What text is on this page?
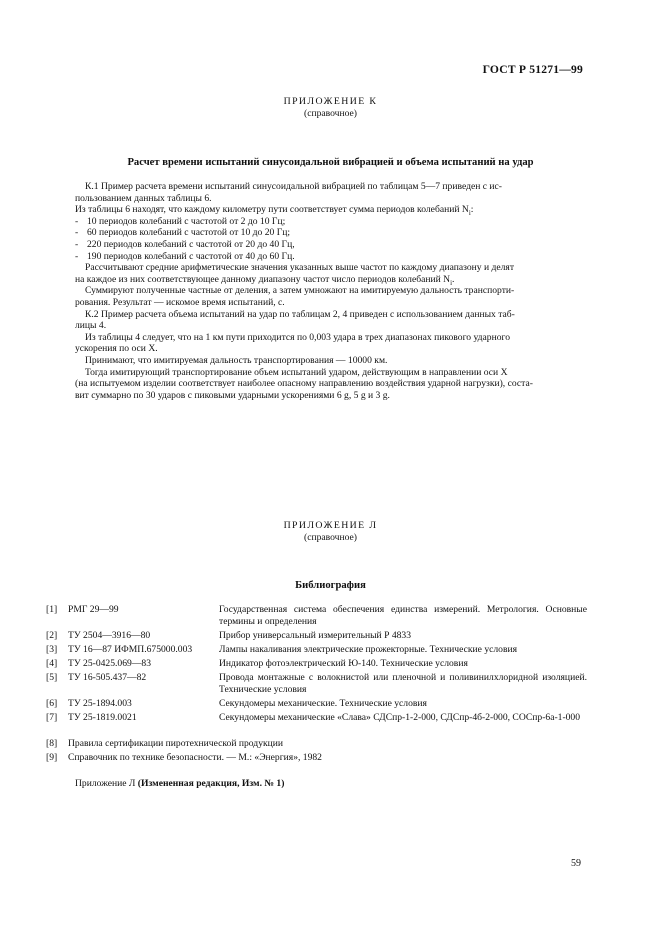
ГОСТ Р 51271—99
ПРИЛОЖЕНИЕ К
(справочное)
Расчет времени испытаний синусоидальной вибрацией и объема испытаний на удар
К.1 Пример расчета времени испытаний синусоидальной вибрацией по таблицам 5—7 приведен с ис-
пользованием данных таблицы 6.
Из таблицы 6 находят, что каждому километру пути соответствует сумма периодов колебаний $N_i$:
- 10 периодов колебаний с частотой от 2 до 10 Гц;
- 60 периодов колебаний с частотой от 10 до 20 Гц;
- 220 периодов колебаний с частотой от 20 до 40 Гц,
- 190 периодов колебаний с частотой от 40 до 60 Гц.
Рассчитывают средние арифметические значения указанных выше частот по каждому диапазону и делят
на каждое из них соответствующее данному диапазону частот число периодов колебаний $N_i$.
Суммируют полученные частные от деления, а затем умножают на имитируемую дальность транспорти-
рования. Результат — искомое время испытаний, с.
К.2 Пример расчета объема испытаний на удар по таблицам 2, 4 приведен с использованием данных таб-
лицы 4.
Из таблицы 4 следует, что на 1 км пути приходится по 0,003 удара в трех диапазонах пикового ударного
ускорения по оси X.
Принимают, что имитируемая дальность транспортирования — 10000 км.
Тогда имитирующий транспортирование объем испытаний ударом, действующим в направлении оси X
(на испытуемом изделии соответствует наиболее опасному направлению воздействия ударной нагрузки), соста-
вит суммарно по 30 ударов с пиковыми ударными ускорениями 6 g, 5 g и 3 g.
ПРИЛОЖЕНИЕ Л
(справочное)
Библиография
[1]	РМГ 29—99	Государственная система обеспечения единства измерений. Метрология. Основные термины и определения
[2]	ТУ 2504—3916—80	Прибор универсальный измерительный Р 4833
[3]	ТУ 16—87 ИФМП.675000.003	Лампы накаливания электрические прожекторные. Технические условия
[4]	ТУ 25-0425.069—83	Индикатор фотоэлектрический Ю-140. Технические условия
[5]	ТУ 16-505.437—82	Провода монтажные с волокнистой или пленочной и поливинилхлоридной изоляцией. Технические условия
[6]	ТУ 25-1894.003	Секундомеры механические. Технические условия
[7]	ТУ 25-1819.0021	Секундомеры механические «Слава» СДСпр-1-2-000, СДСпр-4б-2-000, СОСпр-6а-1-000
[8]	Правила сертификации пиротехнической продукции
[9]	Справочник по технике безопасности. — М.: «Энергия», 1982
Приложение Л (Измененная редакция, Изм. № 1)
59
